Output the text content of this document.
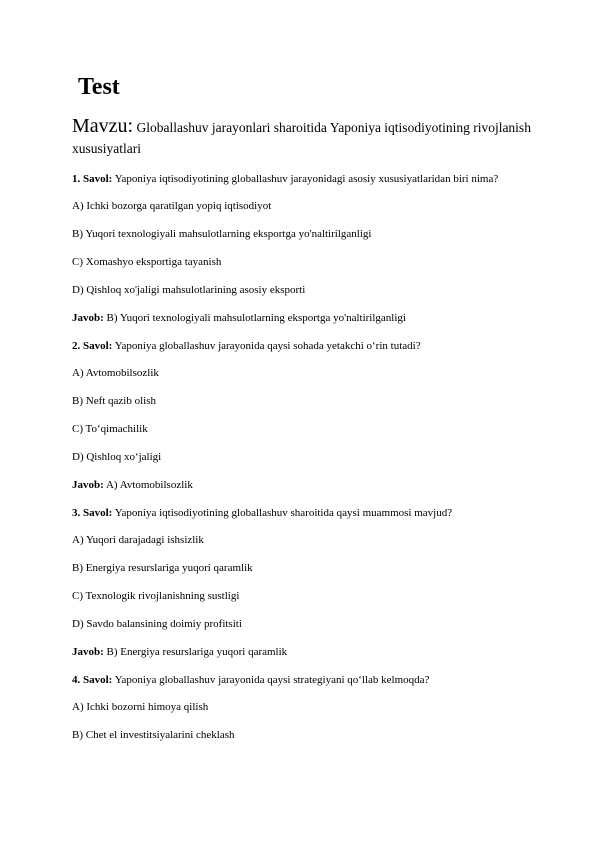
Test
Mavzu: Globallashuv jarayonlari sharoitida Yaponiya iqtisodiyotining rivojlanish xususiyatlari

1. Savol: Yaponiya iqtisodiyotining globallashuv jarayonidagi asosiy xususiyatlaridan biri nima?

A) Ichki bozorga qaratilgan yopiq iqtisodiyot

B) Yuqori texnologiyali mahsulotlarning eksportga yo'naltirilganligi

C) Xomashyo eksportiga tayanish

D) Qishloq xo'jaligi mahsulotlarining asosiy eksporti

Javob: B) Yuqori texnologiyali mahsulotlarning eksportga yo'naltirilganligi

2. Savol: Yaponiya globallashuv jarayonida qaysi sohada yetakchi o‘rin tutadi?

A) Avtomobilsozlik

B) Neft qazib olish

C) To‘qimachilik

D) Qishloq xo‘jaligi

Javob: A) Avtomobilsozlik

3. Savol: Yaponiya iqtisodiyotining globallashuv sharoitida qaysi muammosi mavjud?

A) Yuqori darajadagi ishsizlik

B) Energiya resurslariga yuqori qaramlik

C) Texnologik rivojlanishning sustligi

D) Savdo balansining doimiy profitsiti

Javob: B) Energiya resurslariga yuqori qaramlik

4. Savol: Yaponiya globallashuv jarayonida qaysi strategiyani qo‘llab kelmoqda?

A) Ichki bozorni himoya qilish

B) Chet el investitsiyalarini cheklash
